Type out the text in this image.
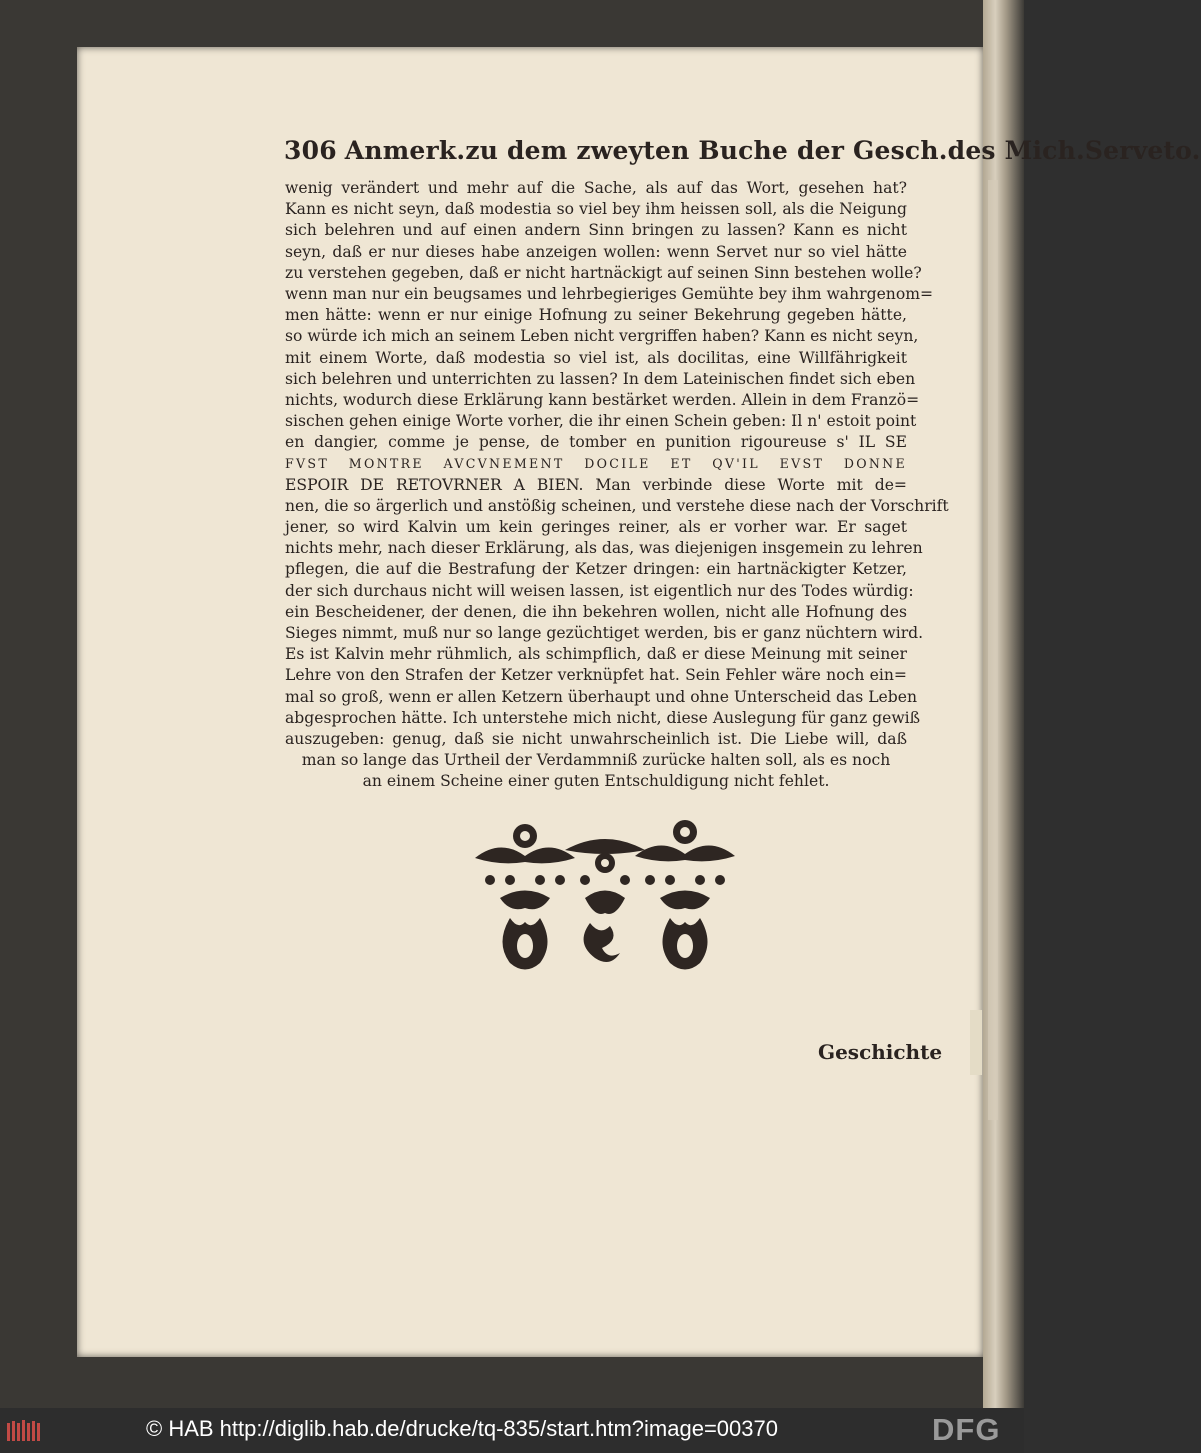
306 Anmerk.zu dem zweyten Buche der Gesch.des Mich.Serveto.
wenig verändert und mehr auf die Sache, als auf das Wort, gesehen hat?
Kann es nicht seyn, daß modestia so viel bey ihm heissen soll, als die Neigung
sich belehren und auf einen andern Sinn bringen zu lassen? Kann es nicht
seyn, daß er nur dieses habe anzeigen wollen: wenn Servet nur so viel hätte
zu verstehen gegeben, daß er nicht hartnäckigt auf seinen Sinn bestehen wolle?
wenn man nur ein beugsames und lehrbegieriges Gemühte bey ihm wahrgenom=
men hätte: wenn er nur einige Hofnung zu seiner Bekehrung gegeben hätte,
so würde ich mich an seinem Leben nicht vergriffen haben? Kann es nicht seyn,
mit einem Worte, daß modestia so viel ist, als docilitas, eine Willfährigkeit
sich belehren und unterrichten zu lassen? In dem Lateinischen findet sich eben
nichts, wodurch diese Erklärung kann bestärket werden. Allein in dem Franzö=
sischen gehen einige Worte vorher, die ihr einen Schein geben: Il n' estoit point
en dangier, comme je pense, de tomber en punition rigoureuse s' IL SE
FVST MONTRE AVCVNEMENT DOCILE ET QV'IL EVST DONNE
ESPOIR DE RETOVRNER A BIEN. Man verbinde diese Worte mit de=
nen, die so ärgerlich und anstößig scheinen, und verstehe diese nach der Vorschrift
jener, so wird Kalvin um kein geringes reiner, als er vorher war. Er saget
nichts mehr, nach dieser Erklärung, als das, was diejenigen insgemein zu lehren
pflegen, die auf die Bestrafung der Ketzer dringen: ein hartnäckigter Ketzer,
der sich durchaus nicht will weisen lassen, ist eigentlich nur des Todes würdig:
ein Bescheidener, der denen, die ihn bekehren wollen, nicht alle Hofnung des
Sieges nimmt, muß nur so lange gezüchtiget werden, bis er ganz nüchtern wird.
Es ist Kalvin mehr rühmlich, als schimpflich, daß er diese Meinung mit seiner
Lehre von den Strafen der Ketzer verknüpfet hat. Sein Fehler wäre noch ein=
mal so groß, wenn er allen Ketzern überhaupt und ohne Unterscheid das Leben
abgesprochen hätte. Ich unterstehe mich nicht, diese Auslegung für ganz gewiß
auszugeben: genug, daß sie nicht unwahrscheinlich ist. Die Liebe will, daß
man so lange das Urtheil der Verdammniß zurücke halten soll, als es noch
an einem Scheine einer guten Entschuldigung nicht fehlet.
Geschichte
© HAB http://diglib.hab.de/drucke/tq-835/start.htm?image=00370	DFG
